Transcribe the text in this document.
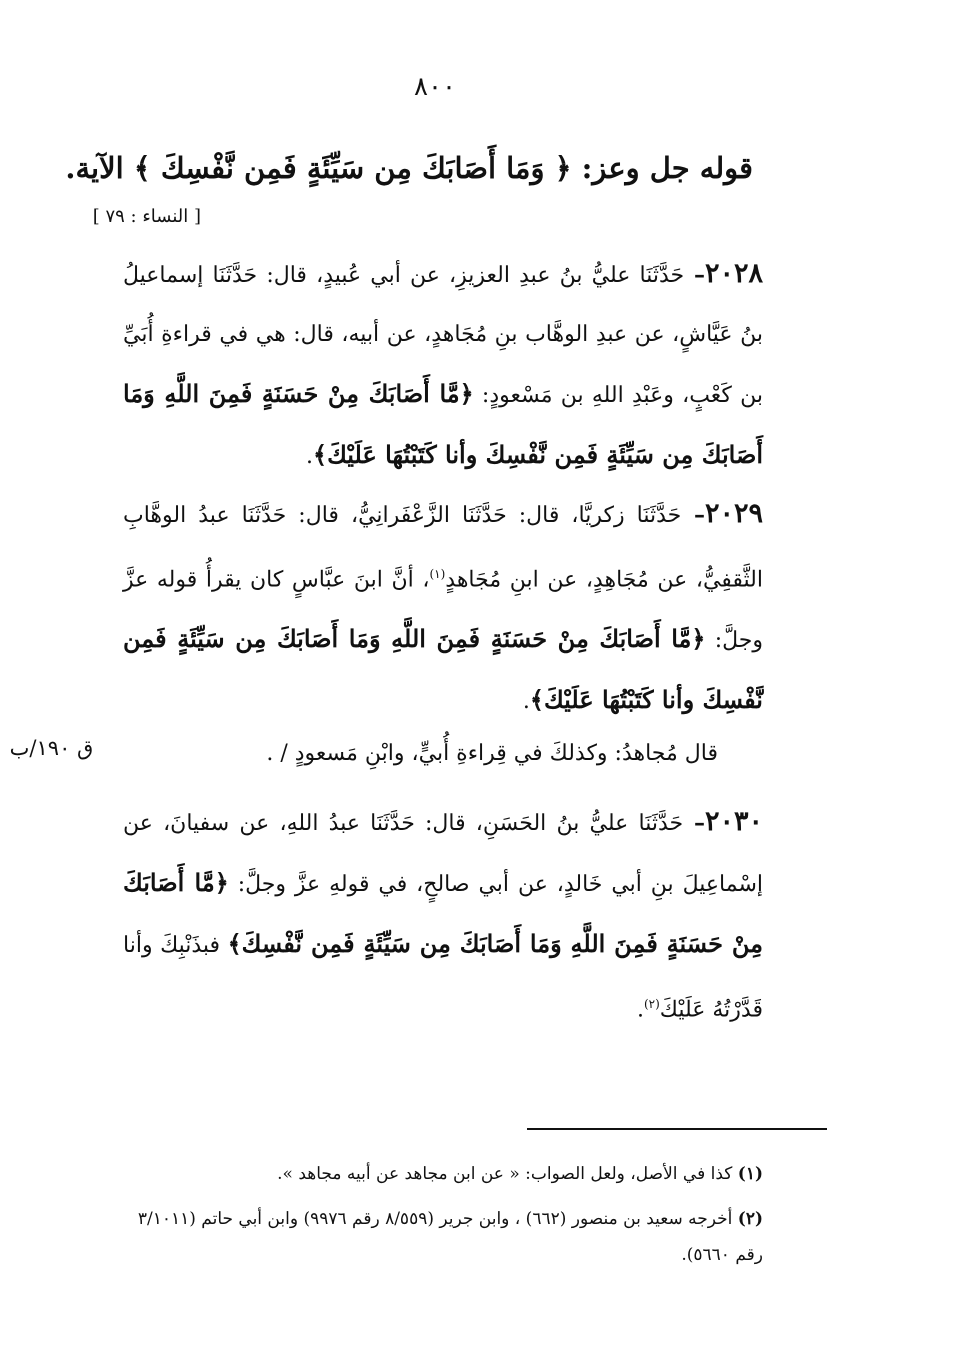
٨٠٠
قوله جل وعز: ﴿ وَمَا أَصَابَكَ مِن سَيِّئَةٍ فَمِن نَّفْسِكَ ﴾ الآية.
[ النساء : ٧٩ ]
٢٠٢٨– حَدَّثَنَا عليُّ بنُ عبدِ العزيزِ، عن أبي عُبيدٍ، قال: حَدَّثَنَا إسماعيلُ بنُ عَيَّاشٍ، عن عبدِ الوهَّاب بنِ مُجَاهدٍ، عن أبيه، قال: هي في قراءةِ أُبَيِّ بن كَعْبٍ، وعَبْدِ اللهِ بن مَسْعودٍ: ﴿مَّا أَصَابَكَ مِنْ حَسَنَةٍ فَمِنَ اللَّهِ وَمَا أَصَابَكَ مِن سَيِّئَةٍ فَمِن نَّفْسِكَ وأنا كَتَبْتُهَا عَلَيْكَ﴾.
٢٠٢٩– حَدَّثَنَا زكريَّا، قال: حَدَّثَنَا الزَّعْفَرانِيُّ، قال: حَدَّثَنَا عبدُ الوهَّابِ الثَّقفِيُّ، عن مُجَاهِدٍ، عن ابنِ مُجَاهدٍ$^{(١)}$، أنَّ ابنَ عبَّاسٍ كان يقرأُ قوله عزَّ وجلَّ: ﴿مَّا أَصَابَكَ مِنْ حَسَنَةٍ فَمِنَ اللَّهِ وَمَا أَصَابَكَ مِن سَيِّئَةٍ فَمِن نَّفْسِكَ وأنا كَتَبْتُهَا عَلَيْكَ﴾.
قال مُجاهدُ: وكذلكَ في قِراءةِ أُبيٍّ، وابْنِ مَسعودٍ / .
ق ١٩٠/ب
٢٠٣٠– حَدَّثَنَا عليُّ بنُ الحَسَنِ، قال: حَدَّثَنَا عبدُ اللهِ، عن سفيانَ، عن إسْماعِيلَ بنِ أبي خَالدٍ، عن أبي صالحٍ، في قولهِ عزَّ وجلَّ: ﴿مَّا أَصَابَكَ مِنْ حَسَنَةٍ فَمِنَ اللَّهِ وَمَا أَصَابَكَ مِن سَيِّئَةٍ فَمِن نَّفْسِكَ﴾ فبذَنْبِكَ وأنا قَدَّرْتُهُ عَلَيْكَ$^{(٢)}$.
(١) كذا في الأصل، ولعل الصواب: « عن ابن مجاهد عن أبيه مجاهد ».
(٢) أخرجه سعيد بن منصور (٦٦٢) ، وابن جرير (٨/٥٥٩ رقم ٩٩٧٦) وابن أبي حاتم (٣/١٠١١ رقم ٥٦٦٠).
